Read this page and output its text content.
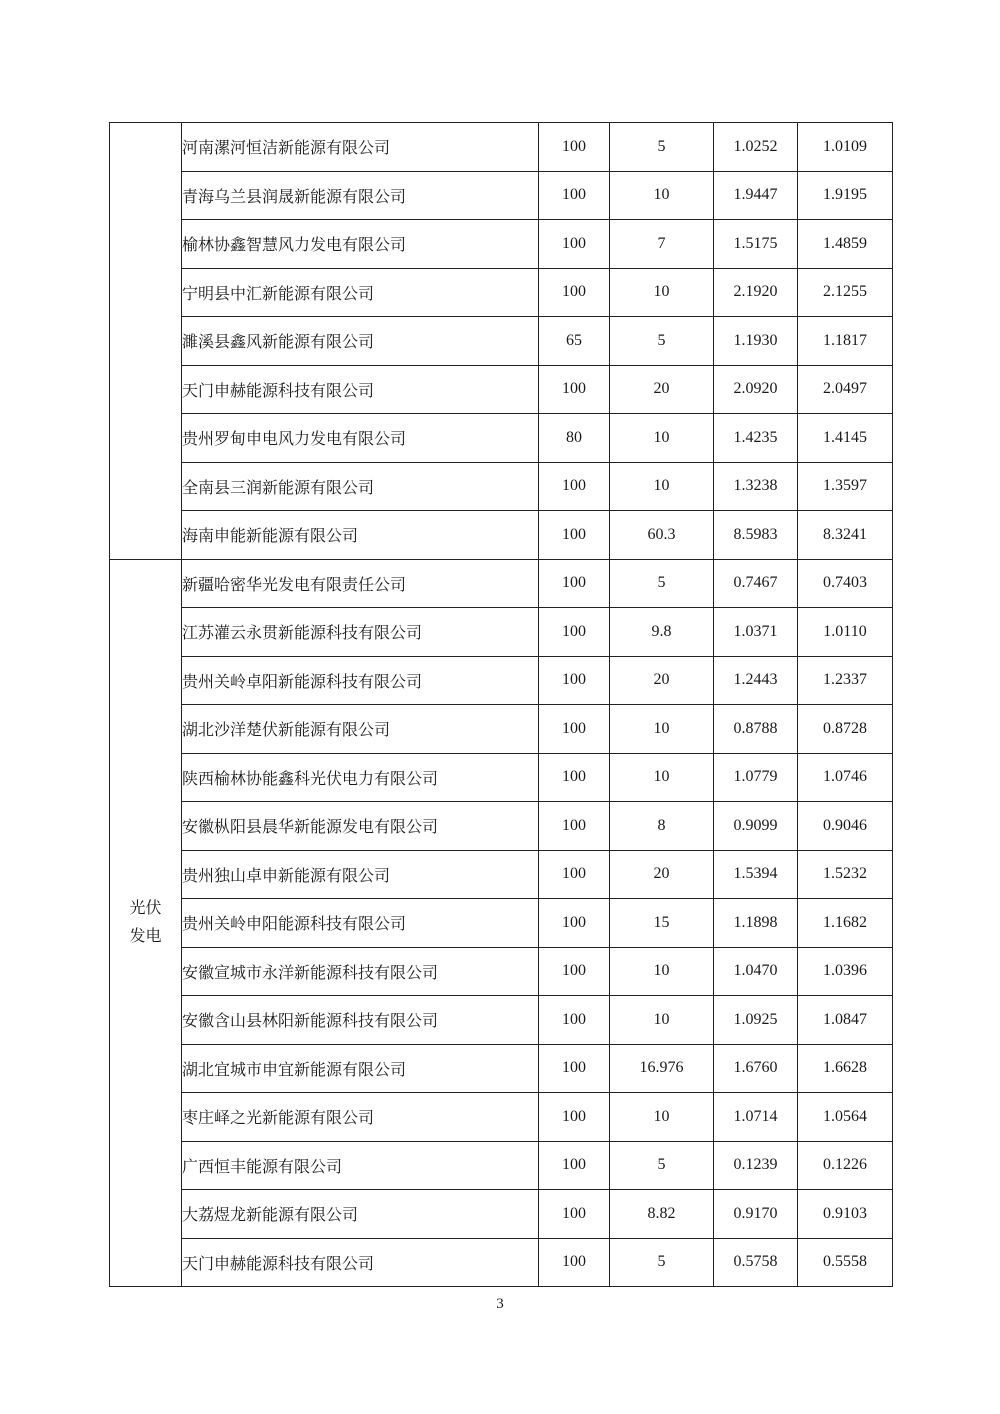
	河南漯河恒洁新能源有限公司	100	5	1.0252	1.0109
	青海乌兰县润晟新能源有限公司	100	10	1.9447	1.9195
	榆林协鑫智慧风力发电有限公司	100	7	1.5175	1.4859
	宁明县中汇新能源有限公司	100	10	2.1920	2.1255
	濉溪县鑫风新能源有限公司	65	5	1.1930	1.1817
	天门申赫能源科技有限公司	100	20	2.0920	2.0497
	贵州罗甸申电风力发电有限公司	80	10	1.4235	1.4145
	全南县三润新能源有限公司	100	10	1.3238	1.3597
	海南申能新能源有限公司	100	60.3	8.5983	8.3241
光伏发电	新疆哈密华光发电有限责任公司	100	5	0.7467	0.7403
	江苏灌云永贯新能源科技有限公司	100	9.8	1.0371	1.0110
	贵州关岭卓阳新能源科技有限公司	100	20	1.2443	1.2337
	湖北沙洋楚伏新能源有限公司	100	10	0.8788	0.8728
	陕西榆林协能鑫科光伏电力有限公司	100	10	1.0779	1.0746
	安徽枞阳县晨华新能源发电有限公司	100	8	0.9099	0.9046
	贵州独山卓申新能源有限公司	100	20	1.5394	1.5232
	贵州关岭申阳能源科技有限公司	100	15	1.1898	1.1682
	安徽宣城市永洋新能源科技有限公司	100	10	1.0470	1.0396
	安徽含山县林阳新能源科技有限公司	100	10	1.0925	1.0847
	湖北宜城市申宜新能源有限公司	100	16.976	1.6760	1.6628
	枣庄峄之光新能源有限公司	100	10	1.0714	1.0564
	广西恒丰能源有限公司	100	5	0.1239	0.1226
	大荔煜龙新能源有限公司	100	8.82	0.9170	0.9103
	天门申赫能源科技有限公司	100	5	0.5758	0.5558
3
